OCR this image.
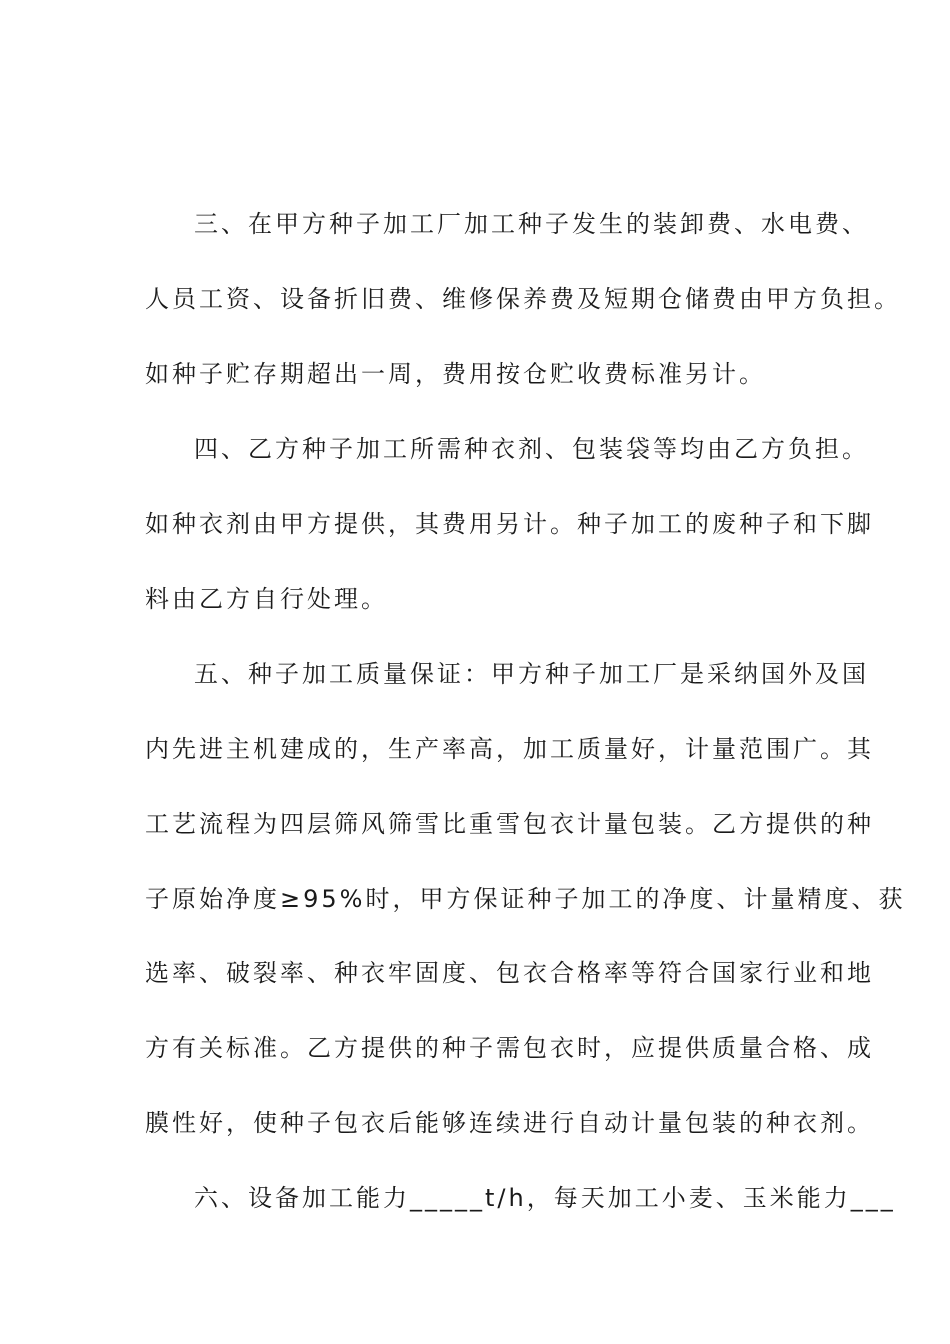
三、在甲方种子加工厂加工种子发生的装卸费、水电费、
人员工资、设备折旧费、维修保养费及短期仓储费由甲方负担。
如种子贮存期超出一周，费用按仓贮收费标准另计。
四、乙方种子加工所需种衣剂、包装袋等均由乙方负担。
如种衣剂由甲方提供，其费用另计。种子加工的废种子和下脚
料由乙方自行处理。
五、种子加工质量保证：甲方种子加工厂是采纳国外及国
内先进主机建成的，生产率高，加工质量好，计量范围广。其
工艺流程为四层筛风筛雪比重雪包衣计量包装。乙方提供的种
子原始净度≥95%时，甲方保证种子加工的净度、计量精度、获
选率、破裂率、种衣牢固度、包衣合格率等符合国家行业和地
方有关标准。乙方提供的种子需包衣时，应提供质量合格、成
膜性好，使种子包衣后能够连续进行自动计量包装的种衣剂。
六、设备加工能力_____t/h，每天加工小麦、玉米能力___
